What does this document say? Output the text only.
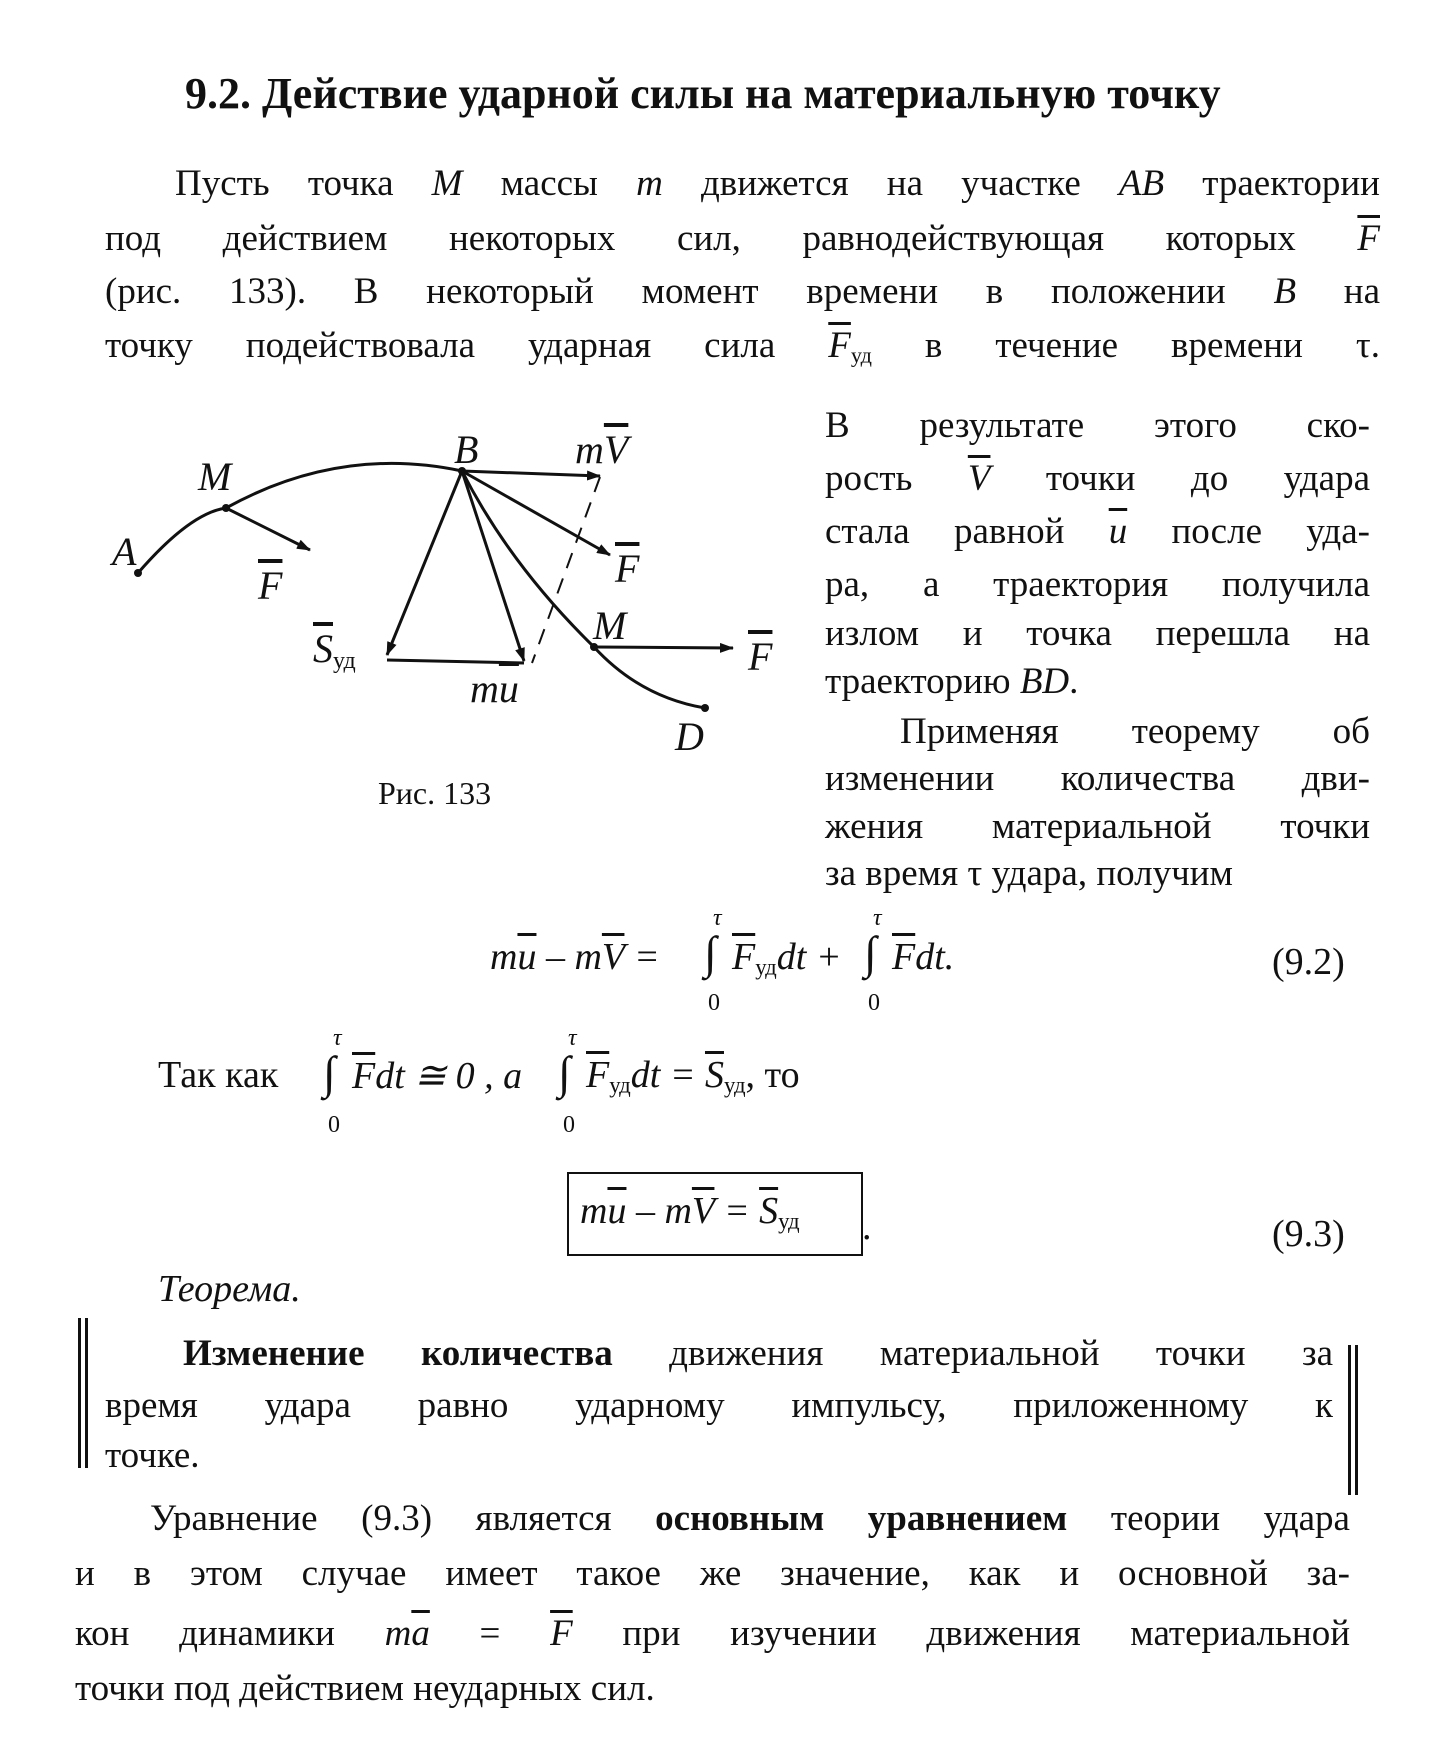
9.2. Действие ударной силы на материальную точку
Пусть точка M массы m движется на участке AB траектории
под действием некоторых сил, равнодействующая которых $\overline{F}$
(рис. 133). В некоторый момент времени в положении B на
точку подействовала ударная сила $\overline{F}_{уд}$ в течение времени τ.
A
M
$\overline{F}$
B $m\overline{V}$
$\overline{F}$
$\overline{S}_{уд}$
$m\overline{u}$
M
$\overline{F}$
D
Рис. 133
В результате этого ско-
рость $\overline{V}$ точки до удара
стала равной $\overline{u}$ после уда-
ра, а траектория получила
излом и точка перешла на
траекторию BD.
Применяя теорему об
изменении количества дви-
жения материальной точки
за время τ удара, получим
$m\overline{u} - m\overline{V}$ =
τ
∫
0
$\overline{F}_{уд}dt$ +
τ
∫
0
$\overline{F}dt$.	(9.2)
Так как
τ
∫
0
$\overline{F}dt$ ≅ 0 , а
τ
∫
0
$\overline{F}_{уд}dt = \overline{S}_{уд}$, то
$m\overline{u} - m\overline{V} = \overline{S}_{уд}$ .	(9.3)
Теорема.
Изменение количества движения материальной точки за
время удара равно ударному импульсу, приложенному к
точке.
Уравнение (9.3) является основным уравнением теории удара
и в этом случае имеет такое же значение, как и основной за-
кон динамики $m\overline{a} = \overline{F}$ при изучении движения материальной
точки под действием неударных сил.
